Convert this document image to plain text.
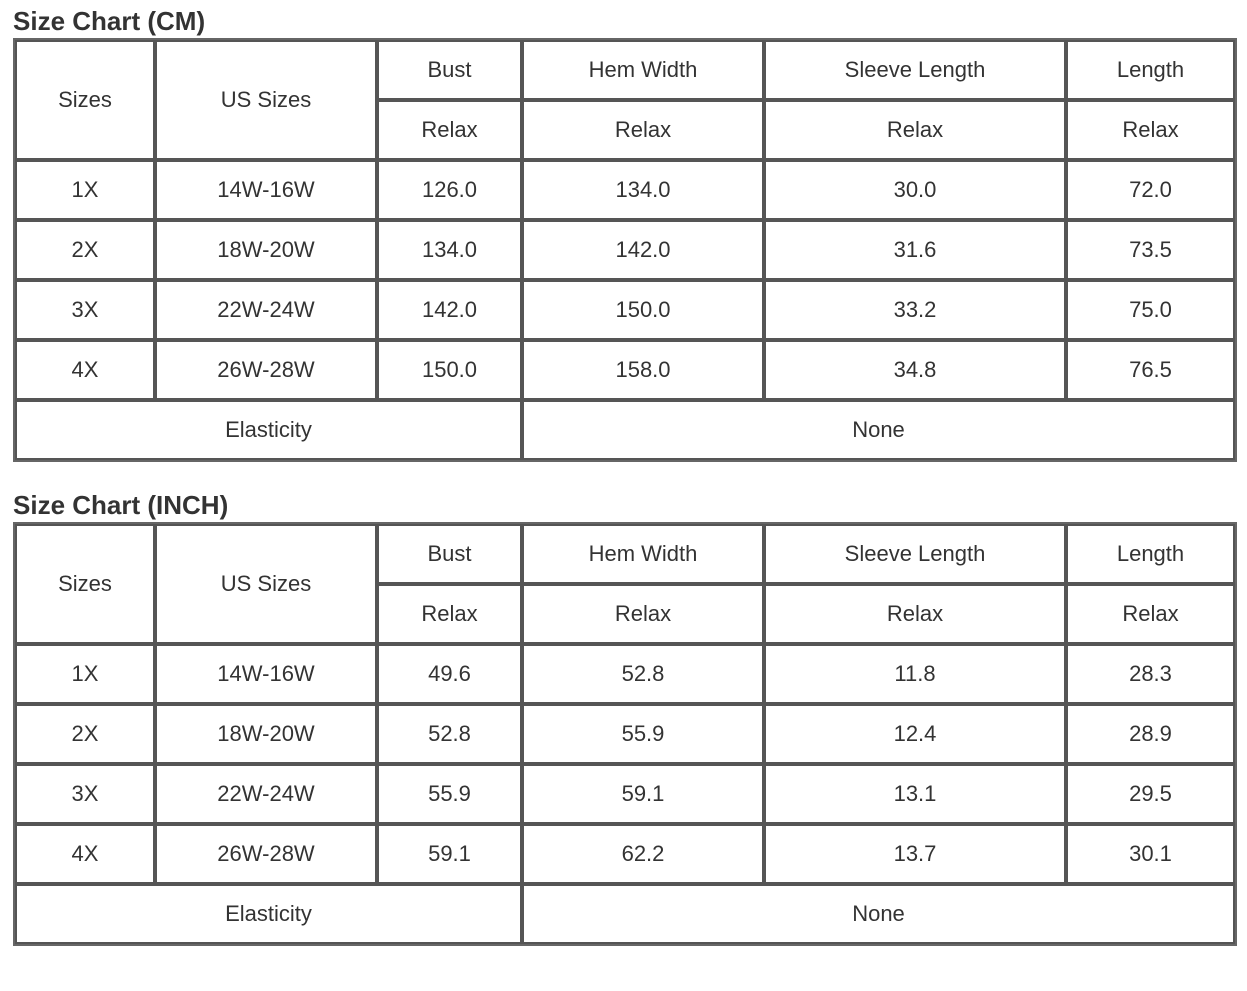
Size Chart (CM)
Sizes	US Sizes	Bust	Hem Width	Sleeve Length	Length
		Relax	Relax	Relax	Relax
1X	14W-16W	126.0	134.0	30.0	72.0
2X	18W-20W	134.0	142.0	31.6	73.5
3X	22W-24W	142.0	150.0	33.2	75.0
4X	26W-28W	150.0	158.0	34.8	76.5
Elasticity			None		
Size Chart (INCH)
Sizes	US Sizes	Bust	Hem Width	Sleeve Length	Length
		Relax	Relax	Relax	Relax
1X	14W-16W	49.6	52.8	11.8	28.3
2X	18W-20W	52.8	55.9	12.4	28.9
3X	22W-24W	55.9	59.1	13.1	29.5
4X	26W-28W	59.1	62.2	13.7	30.1
Elasticity			None		
